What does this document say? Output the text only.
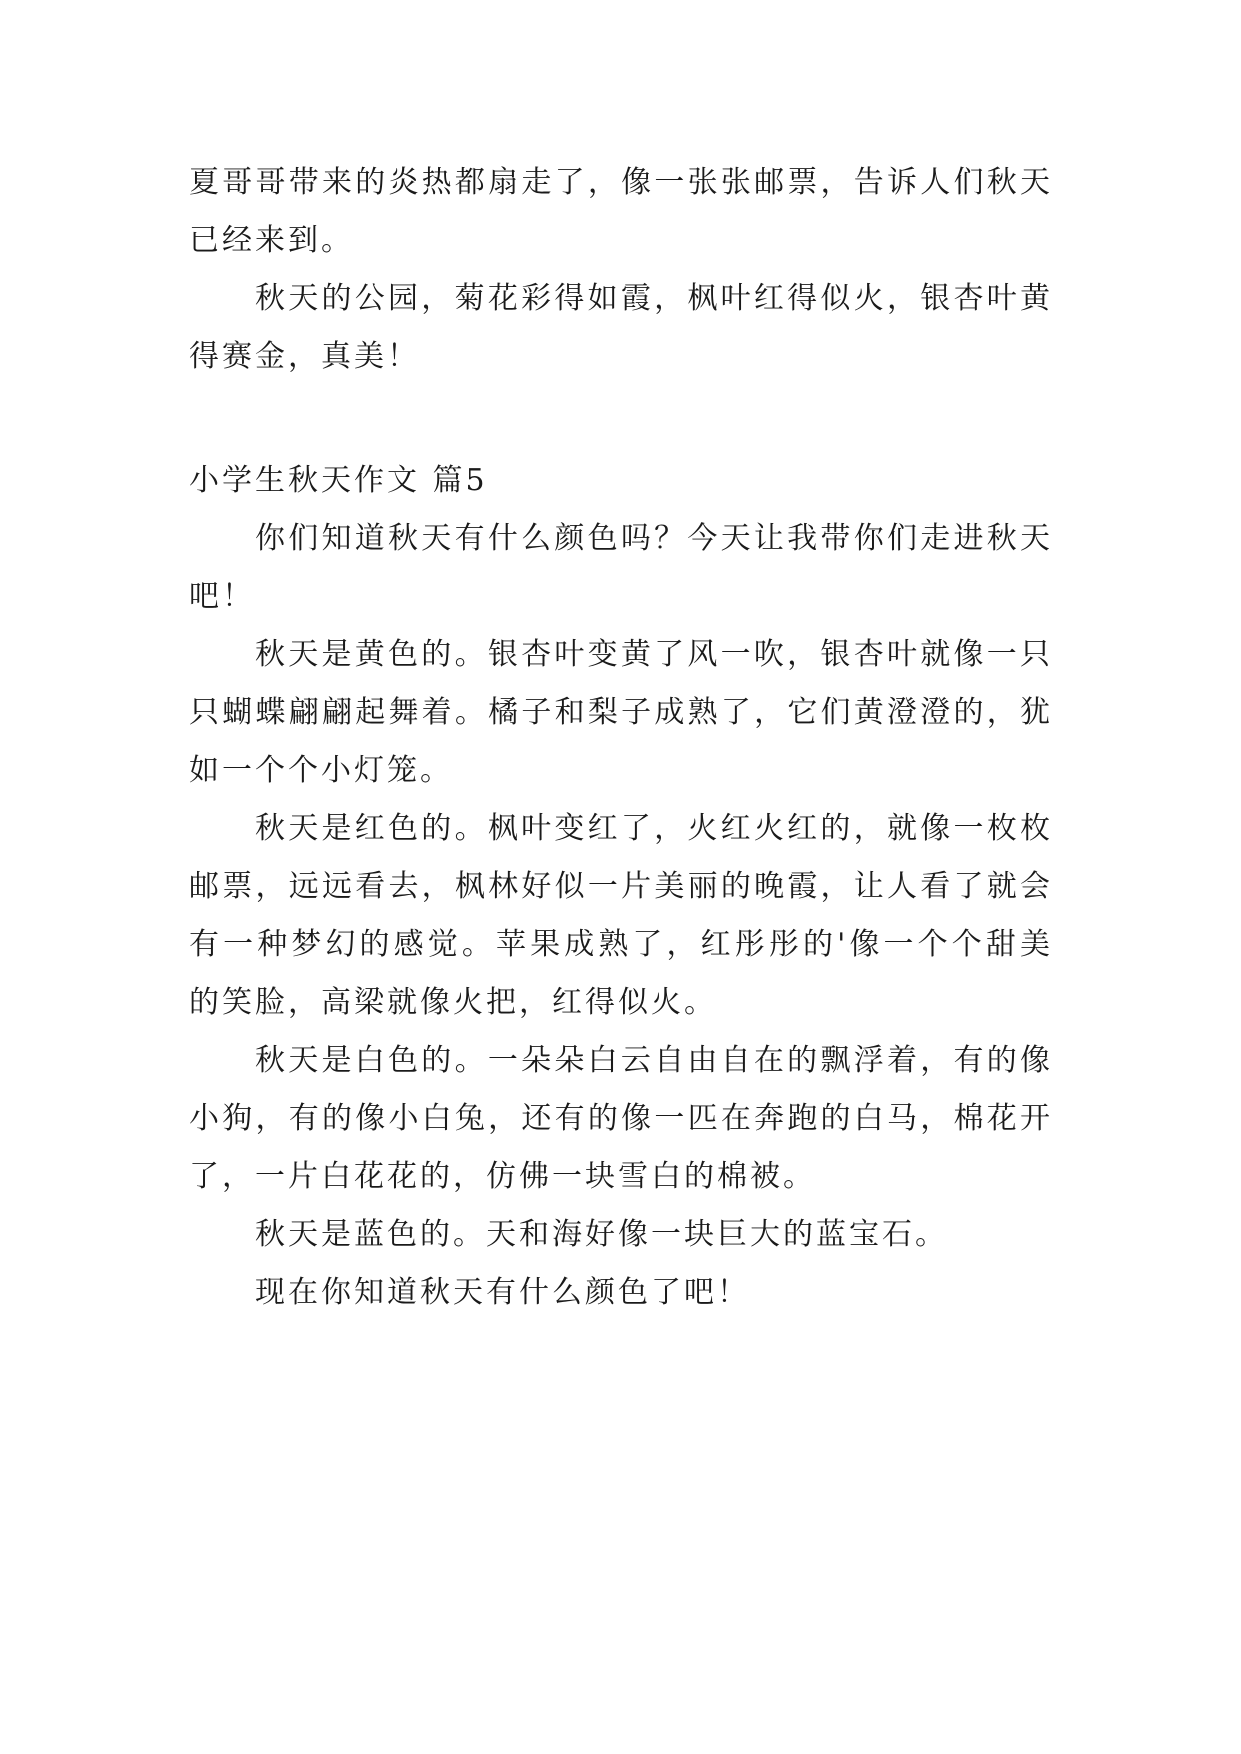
夏哥哥带来的炎热都扇走了，像一张张邮票，告诉人们秋天已经来到。

秋天的公园，菊花彩得如霞，枫叶红得似火，银杏叶黄得赛金，真美！

小学生秋天作文 篇5

你们知道秋天有什么颜色吗？今天让我带你们走进秋天吧！

秋天是黄色的。银杏叶变黄了风一吹，银杏叶就像一只只蝴蝶翩翩起舞着。橘子和梨子成熟了，它们黄澄澄的，犹如一个个小灯笼。

秋天是红色的。枫叶变红了，火红火红的，就像一枚枚邮票，远远看去，枫林好似一片美丽的晚霞，让人看了就会有一种梦幻的感觉。苹果成熟了，红彤彤的'像一个个甜美的笑脸，高梁就像火把，红得似火。

秋天是白色的。一朵朵白云自由自在的飘浮着，有的像小狗，有的像小白兔，还有的像一匹在奔跑的白马，棉花开了，一片白花花的，仿佛一块雪白的棉被。

秋天是蓝色的。天和海好像一块巨大的蓝宝石。

现在你知道秋天有什么颜色了吧！
